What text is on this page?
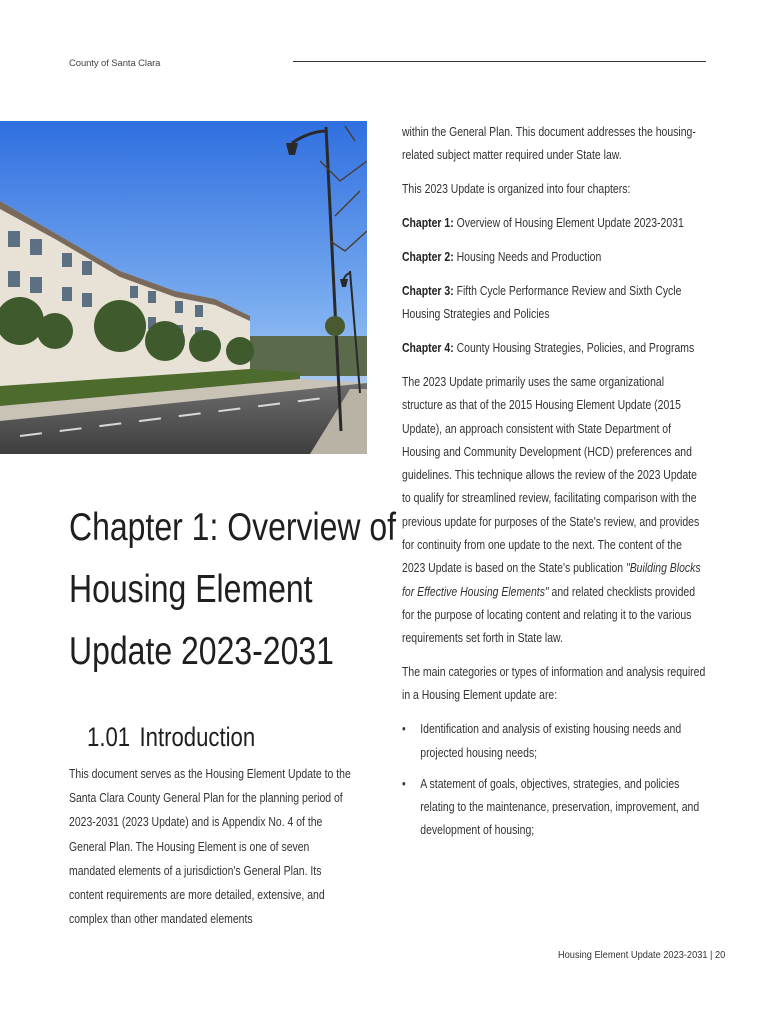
County of Santa Clara
Chapter 1: Overview of
Housing Element
Update 2023-2031
1.01 Introduction

This document serves as the Housing Element Update to the Santa Clara County General Plan for the planning period of 2023-2031 (2023 Update) and is Appendix No. 4 of the General Plan. The Housing Element is one of seven mandated elements of a jurisdiction's General Plan. Its content requirements are more detailed, extensive, and complex than other mandated elements

within the General Plan. This document addresses the housing-related subject matter required under State law.

This 2023 Update is organized into four chapters:

Chapter 1: Overview of Housing Element Update 2023-2031

Chapter 2: Housing Needs and Production

Chapter 3: Fifth Cycle Performance Review and Sixth Cycle Housing Strategies and Policies

Chapter 4: County Housing Strategies, Policies, and Programs

The 2023 Update primarily uses the same organizational structure as that of the 2015 Housing Element Update (2015 Update), an approach consistent with State Department of Housing and Community Development (HCD) preferences and guidelines. This technique allows the review of the 2023 Update to qualify for streamlined review, facilitating comparison with the previous update for purposes of the State's review, and provides for continuity from one update to the next. The content of the 2023 Update is based on the State's publication "Building Blocks for Effective Housing Elements" and related checklists provided for the purpose of locating content and relating it to the various requirements set forth in State law.

The main categories or types of information and analysis required in a Housing Element update are:

• Identification and analysis of existing housing needs and projected housing needs;
• A statement of goals, objectives, strategies, and policies relating to the maintenance, preservation, improvement, and development of housing;
Housing Element Update 2023-2031 | 20
